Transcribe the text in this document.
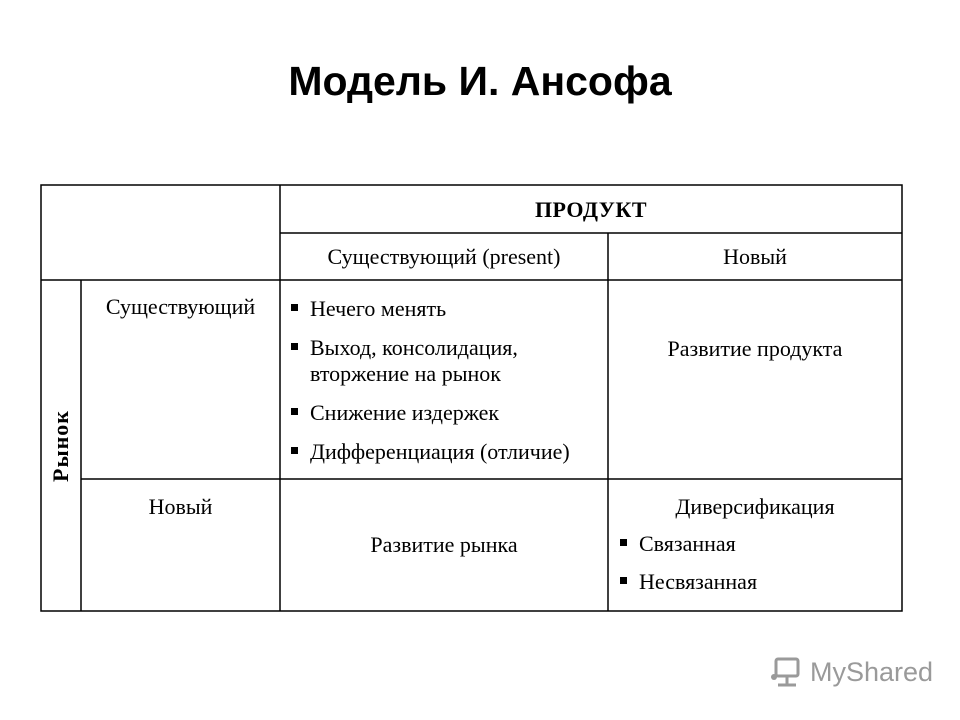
Модель И. Ансофа
ПРОДУКТ
Существующий (present)	Новый
Рынок
Существующий
Новый
Нечего менять
Выход, консолидация, вторжение на рынок
Снижение издержек
Дифференциация (отличие)
Развитие продукта
Развитие рынка
Диверсификация
Связанная
Несвязанная
MyShared
